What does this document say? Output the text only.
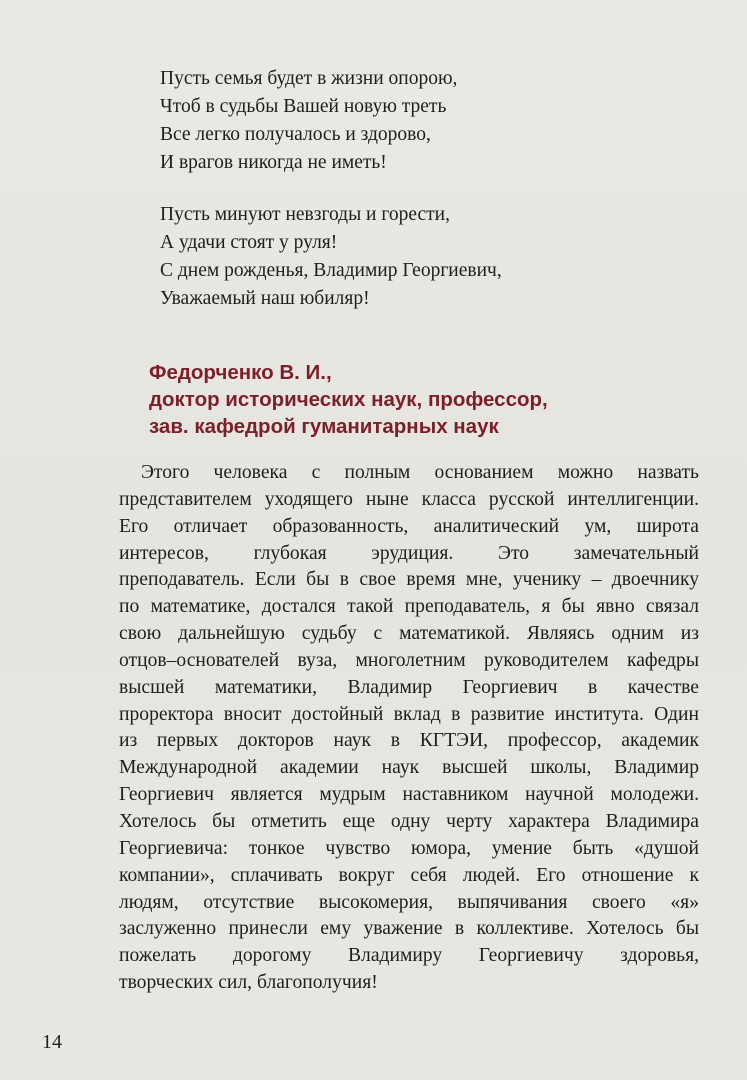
Пусть семья будет в жизни опорою,
Чтоб в судьбы Вашей новую треть
Все легко получалось и здорово,
И врагов никогда не иметь!
Пусть минуют невзгоды и горести,
А удачи стоят у руля!
С днем рожденья, Владимир Георгиевич,
Уважаемый наш юбиляр!
Федорченко В. И.,
доктор исторических наук, профессор,
зав. кафедрой гуманитарных наук
Этого человека с полным основанием можно назвать
представителем уходящего ныне класса русской интеллигенции.
Его отличает образованность, аналитический ум, широта
интересов, глубокая эрудиция. Это замечательный
преподаватель. Если бы в свое время мне, ученику – двоечнику
по математике, достался такой преподаватель, я бы явно связал
свою дальнейшую судьбу с математикой. Являясь одним из
отцов–основателей вуза, многолетним руководителем кафедры
высшей математики, Владимир Георгиевич в качестве
проректора вносит достойный вклад в развитие института. Один
из первых докторов наук в КГТЭИ, профессор, академик
Международной академии наук высшей школы, Владимир
Георгиевич является мудрым наставником научной молодежи.
Хотелось бы отметить еще одну черту характера Владимира
Георгиевича: тонкое чувство юмора, умение быть «душой
компании», сплачивать вокруг себя людей. Его отношение к
людям, отсутствие высокомерия, выпячивания своего «я»
заслуженно принесли ему уважение в коллективе. Хотелось бы
пожелать дорогому Владимиру Георгиевичу здоровья,
творческих сил, благополучия!
14
